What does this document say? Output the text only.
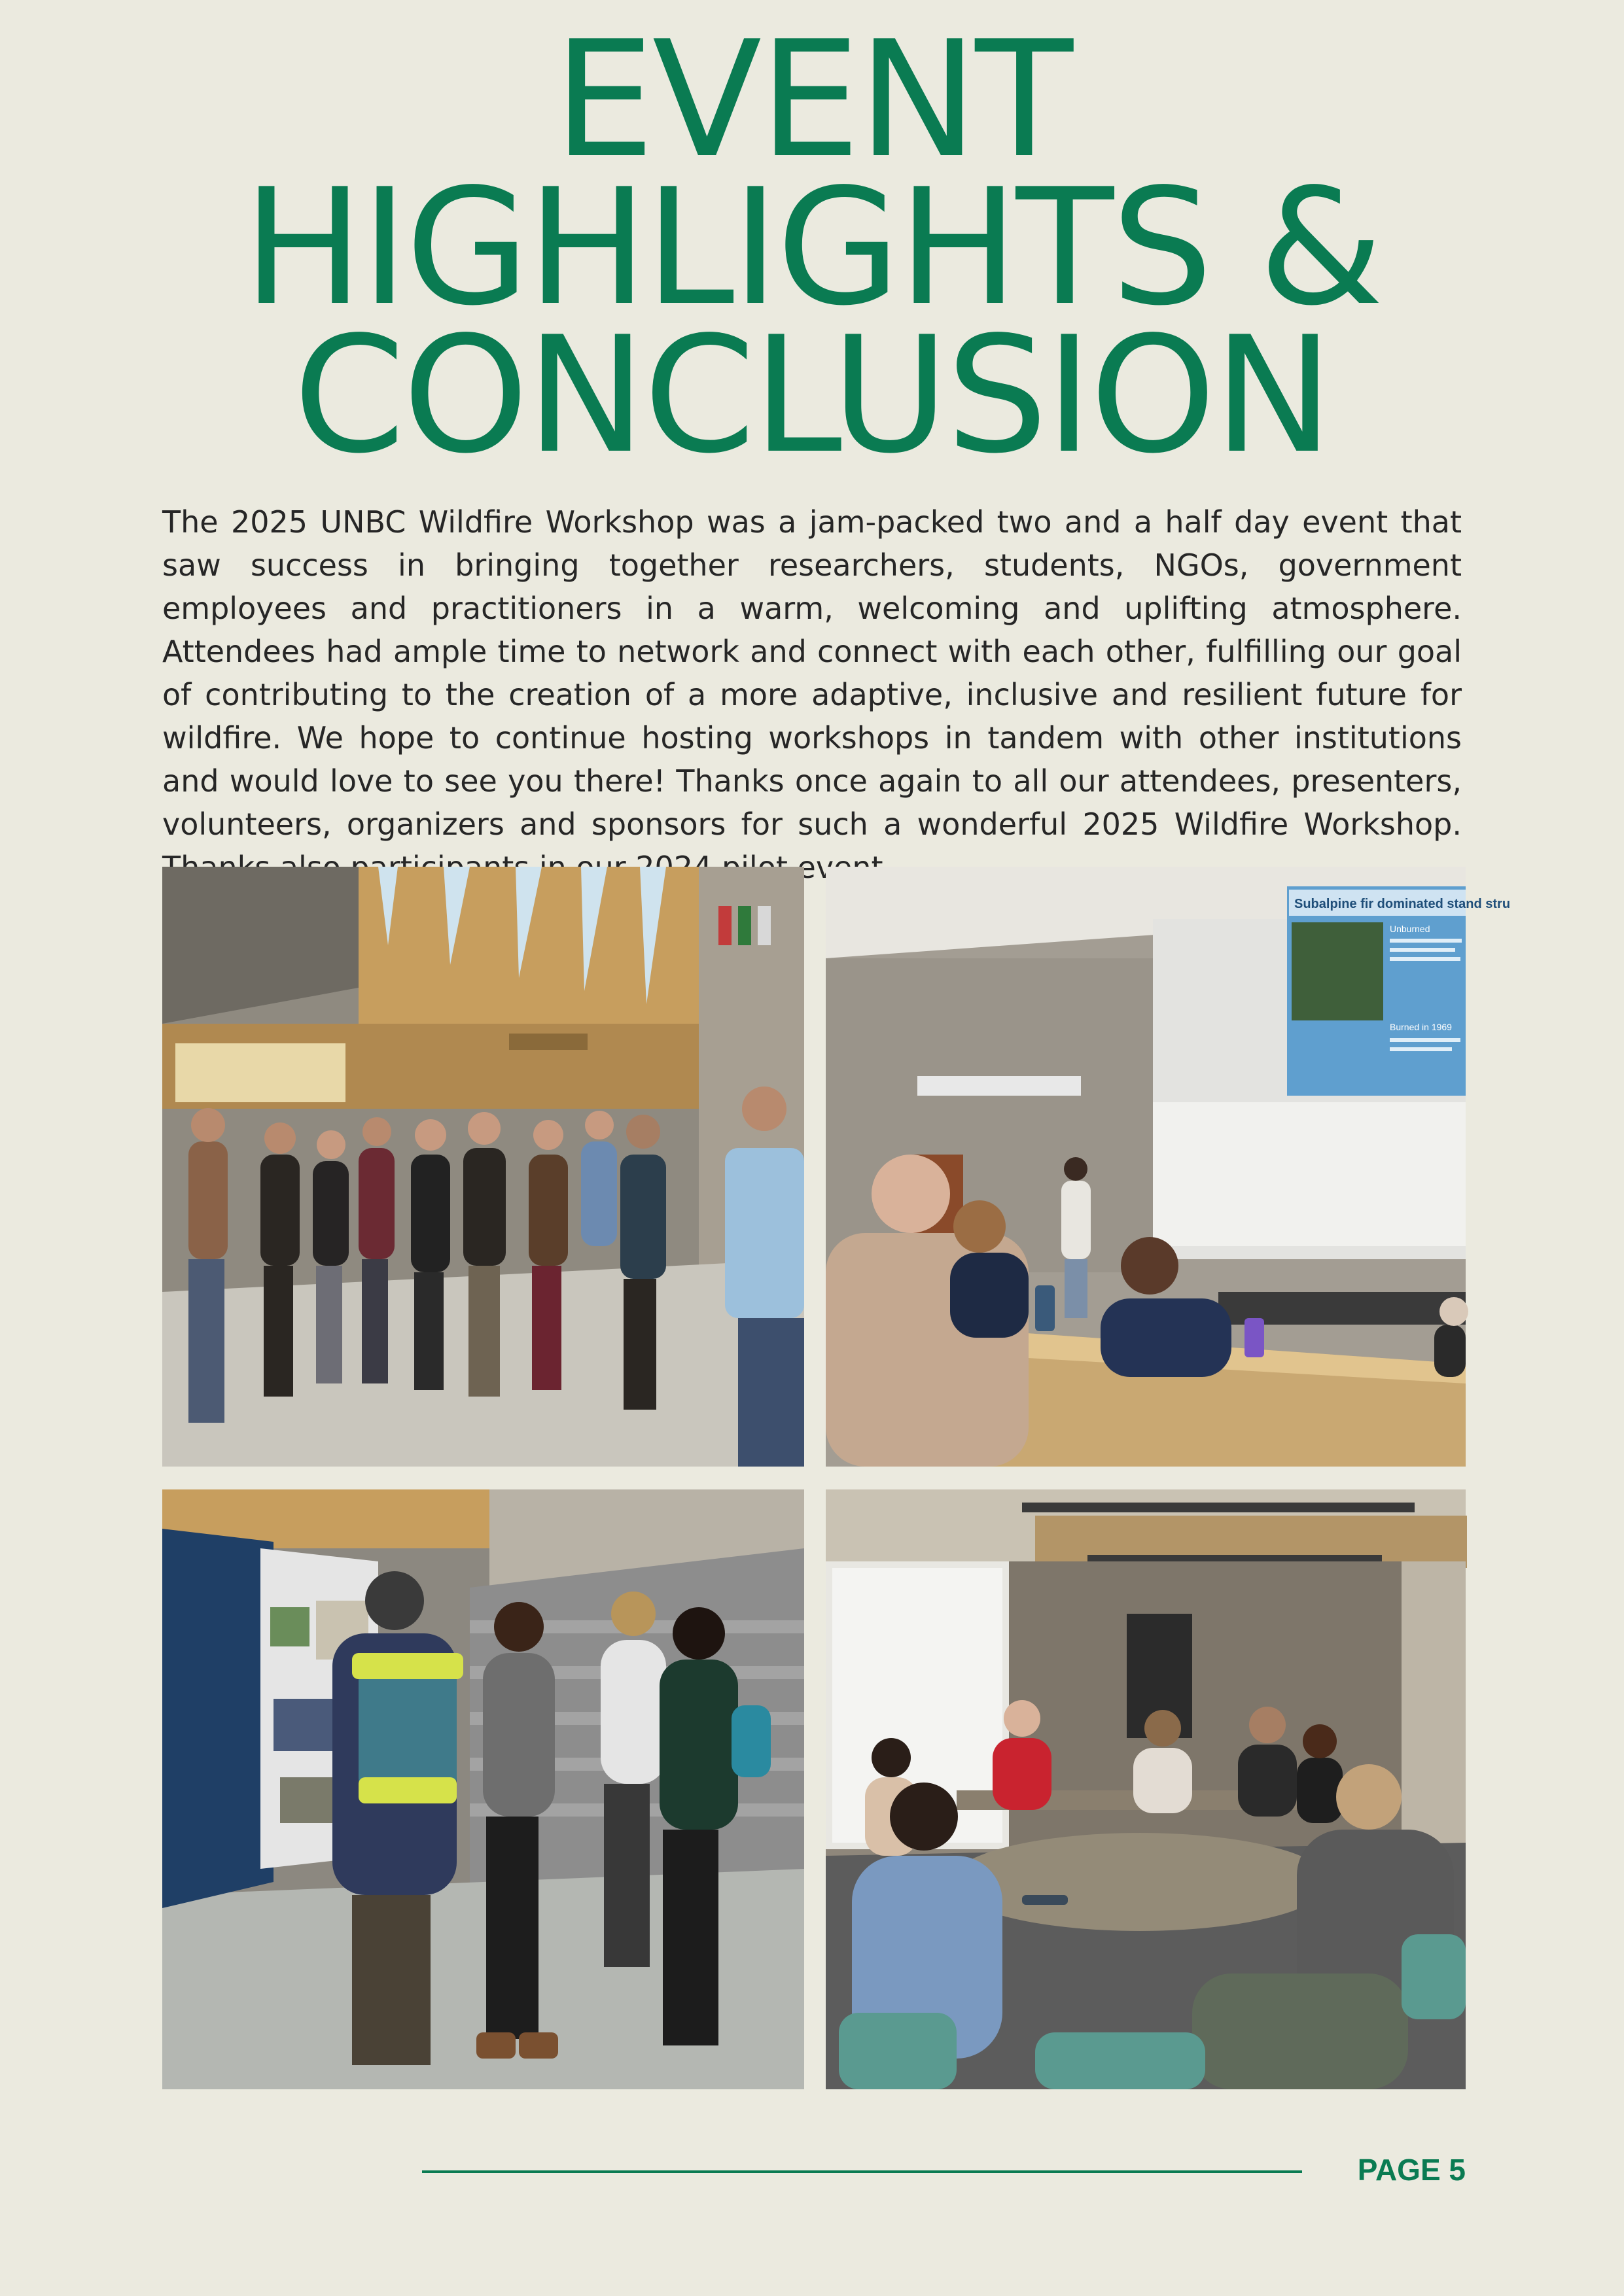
EVENT
HIGHLIGHTS &
CONCLUSION

The 2025 UNBC Wildfire Workshop was a jam-packed two and a half day event that saw success in bringing together researchers, students, NGOs, government employees and practitioners in a warm, welcoming and uplifting atmosphere. Attendees had ample time to network and connect with each other, fulfilling our goal of contributing to the creation of a more adaptive, inclusive and resilient future for wildfire. We hope to continue hosting workshops in tandem with other institutions and would love to see you there! Thanks once again to all our attendees, presenters, volunteers, organizers and sponsors for such a wonderful 2025 Wildfire Workshop.

Subalpine fir dominated stand stru
Unburned
Burned in 1969
PAGE 5
